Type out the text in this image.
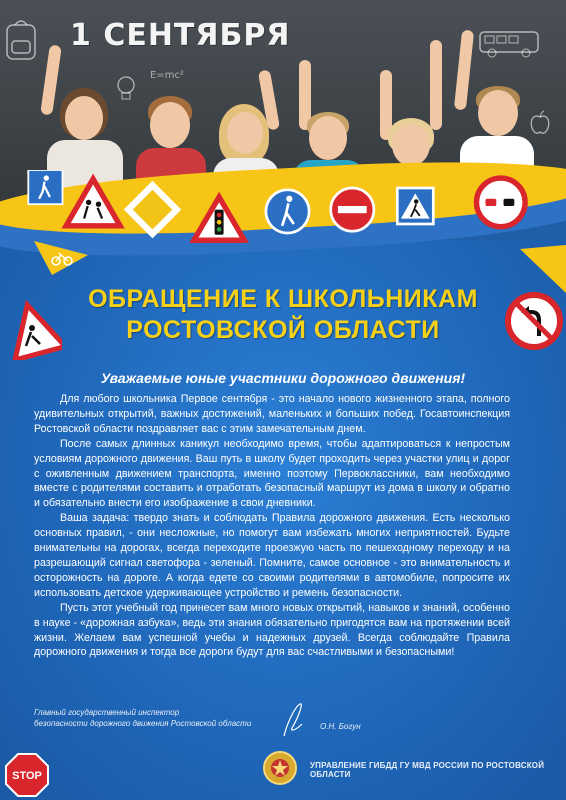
1 СЕНТЯБРЯ
E=mc²
ОБРАЩЕНИЕ К ШКОЛЬНИКАМ
РОСТОВСКОЙ ОБЛАСТИ
Уважаемые юные участники дорожного движения!

Для любого школьника Первое сентября - это начало нового жизненного этапа, полного удивительных открытий, важных достижений, маленьких и больших побед. Госавтоинспекция Ростовской области поздравляет вас с этим замечательным днем.

После самых длинных каникул необходимо время, чтобы адаптироваться к непростым условиям дорожного движения. Ваш путь в школу будет проходить через участки улиц и дорог с оживленным движением транспорта, именно поэтому Первоклассники, вам необходимо вместе с родителями составить и отработать безопасный маршрут из дома в школу и обратно и обязательно внести его изображение в свои дневники.

Ваша задача: твердо знать и соблюдать Правила дорожного движения. Есть несколько основных правил, - они несложные, но помогут вам избежать многих неприятностей. Будьте внимательны на дорогах, всегда переходите проезжую часть по пешеходному переходу и на разрешающий сигнал светофора - зеленый. Помните, самое основное - это внимательность и осторожность на дороге. А когда едете со своими родителями в автомобиле, попросите их использовать детское удерживающее устройство и ремень безопасности.

Пусть этот учебный год принесет вам много новых открытий, навыков и знаний, особенно в науке - «дорожная азбука», ведь эти знания обязательно пригодятся вам на протяжении всей жизни. Желаем вам успешной учебы и надежных друзей. Всегда соблюдайте Правила дорожного движения и тогда все дороги будут для вас счастливыми и безопасными!

Главный государственный инспектор
безопасности дорожного движения Ростовской области	О.Н. Богун
УПРАВЛЕНИЕ ГИБДД ГУ МВД РОССИИ ПО РОСТОВСКОЙ ОБЛАСТИ
STOP
